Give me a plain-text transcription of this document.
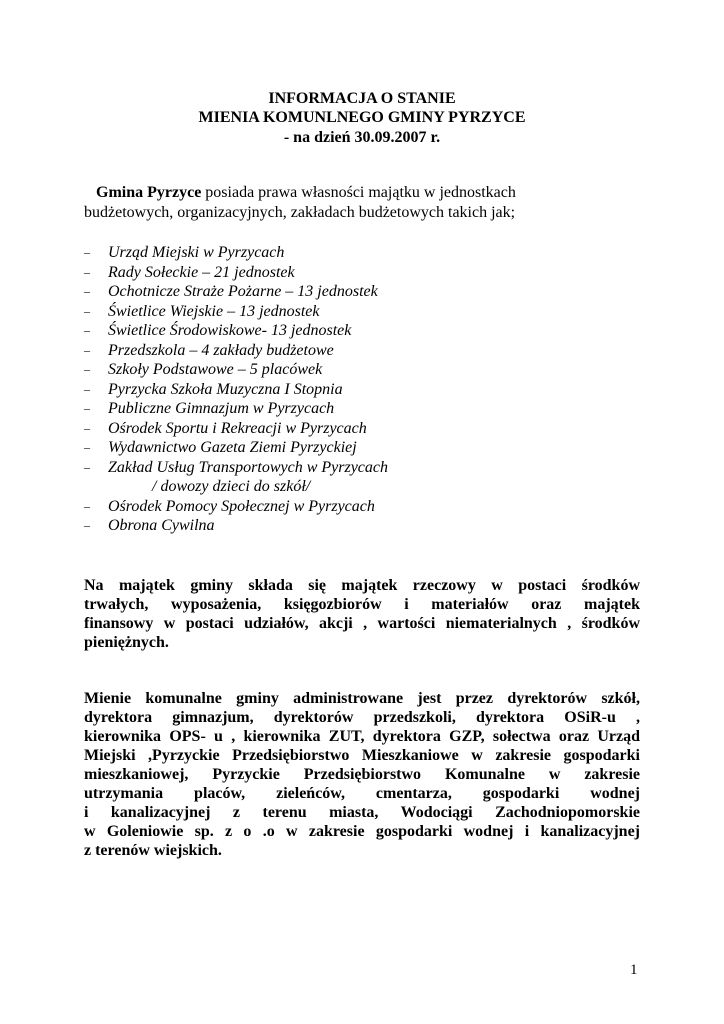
INFORMACJA O STANIE

MIENIA KOMUNLNEGO GMINY PYRZYCE

- na dzień 30.09.2007 r.

Gmina Pyrzyce posiada prawa własności majątku w jednostkach
budżetowych, organizacyjnych, zakładach budżetowych takich jak;

– Urząd Miejski w Pyrzycach
– Rady Sołeckie – 21 jednostek
– Ochotnicze Straże Pożarne – 13 jednostek
– Świetlice Wiejskie – 13 jednostek
– Świetlice Środowiskowe- 13 jednostek
– Przedszkola – 4 zakłady budżetowe
– Szkoły Podstawowe – 5 placówek
– Pyrzycka Szkoła Muzyczna I Stopnia
– Publiczne Gimnazjum w Pyrzycach
– Ośrodek Sportu i Rekreacji w Pyrzycach
– Wydawnictwo Gazeta Ziemi Pyrzyckiej
– Zakład Usług Transportowych w Pyrzycach
/ dowozy dzieci do szkół/
– Ośrodek Pomocy Społecznej w Pyrzycach
– Obrona Cywilna
Na majątek gminy składa się majątek rzeczowy w postaci środków
trwałych, wyposażenia, księgozbiorów i materiałów oraz majątek
finansowy w postaci udziałów, akcji , wartości niematerialnych , środków
pieniężnych.
Mienie komunalne gminy administrowane jest przez dyrektorów szkół,
dyrektora gimnazjum, dyrektorów przedszkoli, dyrektora OSiR-u ,
kierownika OPS- u , kierownika ZUT, dyrektora GZP, sołectwa oraz Urząd
Miejski ,Pyrzyckie Przedsiębiorstwo Mieszkaniowe w zakresie gospodarki
mieszkaniowej, Pyrzyckie Przedsiębiorstwo Komunalne w zakresie
utrzymania placów, zieleńców, cmentarza, gospodarki wodnej
i kanalizacyjnej z terenu miasta, Wodociągi Zachodniopomorskie
w Goleniowie sp. z o .o w zakresie gospodarki wodnej i kanalizacyjnej
z terenów wiejskich.

1
